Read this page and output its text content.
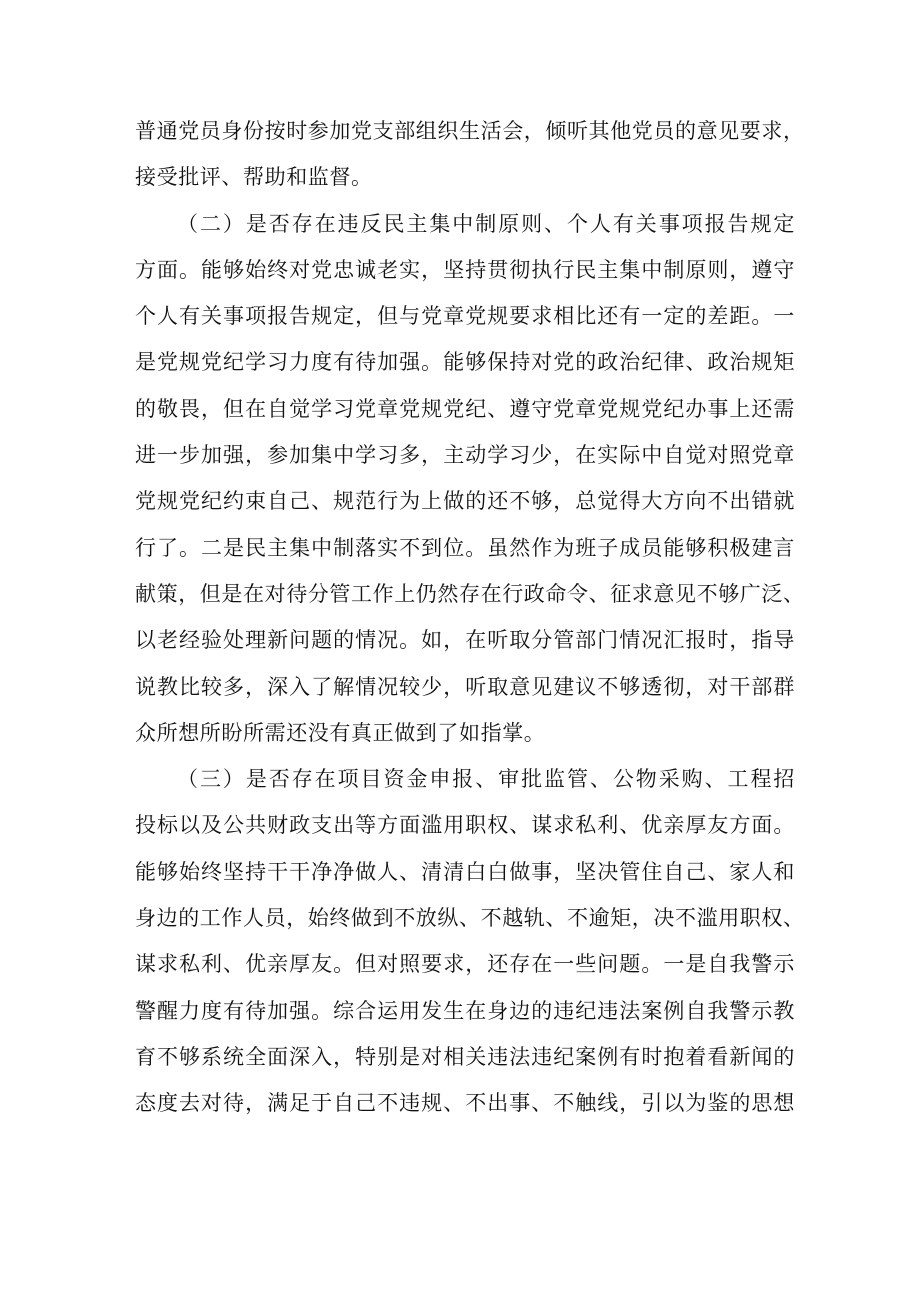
普通党员身份按时参加党支部组织生活会，倾听其他党员的意见要求，
接受批评、帮助和监督。
（二）是否存在违反民主集中制原则、个人有关事项报告规定
方面。能够始终对党忠诚老实，坚持贯彻执行民主集中制原则，遵守
个人有关事项报告规定，但与党章党规要求相比还有一定的差距。一
是党规党纪学习力度有待加强。能够保持对党的政治纪律、政治规矩
的敬畏，但在自觉学习党章党规党纪、遵守党章党规党纪办事上还需
进一步加强，参加集中学习多，主动学习少，在实际中自觉对照党章
党规党纪约束自己、规范行为上做的还不够，总觉得大方向不出错就
行了。二是民主集中制落实不到位。虽然作为班子成员能够积极建言
献策，但是在对待分管工作上仍然存在行政命令、征求意见不够广泛、
以老经验处理新问题的情况。如，在听取分管部门情况汇报时，指导
说教比较多，深入了解情况较少，听取意见建议不够透彻，对干部群
众所想所盼所需还没有真正做到了如指掌。
（三）是否存在项目资金申报、审批监管、公物采购、工程招
投标以及公共财政支出等方面滥用职权、谋求私利、优亲厚友方面。
能够始终坚持干干净净做人、清清白白做事，坚决管住自己、家人和
身边的工作人员，始终做到不放纵、不越轨、不逾矩，决不滥用职权、
谋求私利、优亲厚友。但对照要求，还存在一些问题。一是自我警示
警醒力度有待加强。综合运用发生在身边的违纪违法案例自我警示教
育不够系统全面深入，特别是对相关违法违纪案例有时抱着看新闻的
态度去对待，满足于自己不违规、不出事、不触线，引以为鉴的思想
